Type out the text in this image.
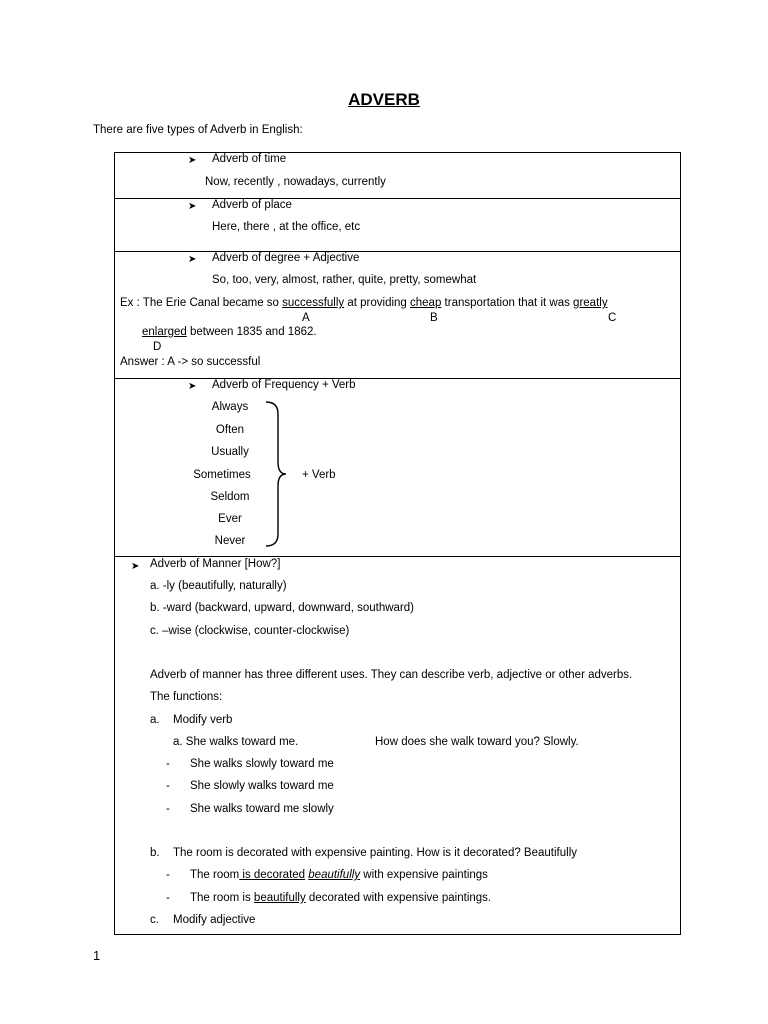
ADVERB
There are five types of Adverb in English:
➤ Adverb of time
Now, recently , nowadays, currently
➤ Adverb of place
Here, there , at the office, etc
➤ Adverb of degree + Adjective
So, too, very, almost, rather, quite, pretty, somewhat
Ex : The Erie Canal became so successfully at providing cheap transportation that it was greatly
A	B	C
enlarged between 1835 and 1862.
D
Answer : A -> so successful
➤ Adverb of Frequency + Verb
Always
Often
Usually
Sometimes
Seldom
Ever
Never
+ Verb
➤ Adverb of Manner [How?]
a. -ly (beautifully, naturally)
b. -ward (backward, upward, downward, southward)
c. –wise (clockwise, counter-clockwise)
Adverb of manner has three different uses. They can describe verb, adjective or other adverbs.
The functions:
a. Modify verb
a. She walks toward me.	How does she walk toward you? Slowly.
- She walks slowly toward me
- She slowly walks toward me
- She walks toward me slowly
b. The room is decorated with expensive painting. How is it decorated? Beautifully
- The room is decorated beautifully with expensive paintings
- The room is beautifully decorated with expensive paintings.
c. Modify adjective
1
